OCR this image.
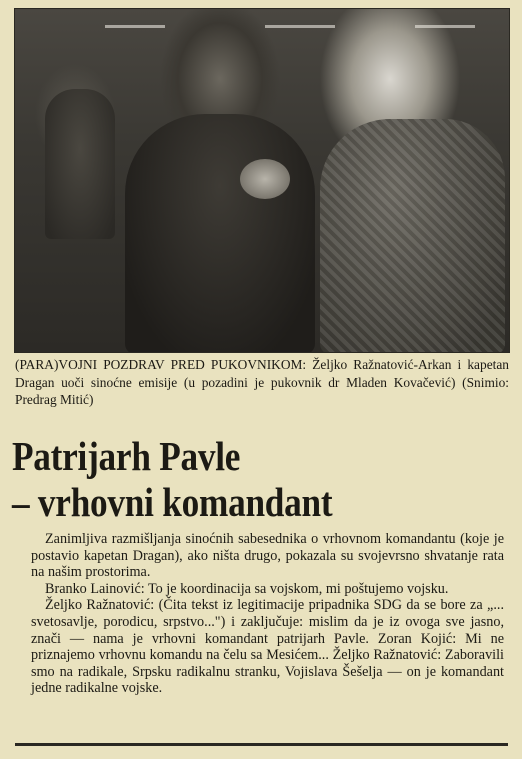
(PARA)VOJNI POZDRAV PRED PUKOVNIKOM: Željko Ražnatović-Arkan i kapetan Dragan uoči sinoćne emisije (u pozadini je pukovnik dr Mladen Kovačević) (Snimio: Predrag Mitić)
Patrijarh Pavle
– vrhovni komandant

Zanimljiva razmišljanja sinoćnih sabesednika o vrhovnom komandantu (koje je postavio kapetan Dragan), ako ništa drugo, pokazala su svojevrsno shvatanje rata na našim prostorima.

Branko Lainović: To je koordinacija sa vojskom, mi poštujemo vojsku.

Željko Ražnatović: (Čita tekst iz legitimacije pripadnika SDG da se bore za „... svetosavlje, porodicu, srpstvo...") i zaključuje: mislim da je iz ovoga sve jasno, znači — nama je vrhovni komandant patrijarh Pavle. Zoran Kojić: Mi ne priznajemo vrhovnu komandu na čelu sa Mesićem... Željko Ražnatović: Zaboravili smo na radikale, Srpsku radikalnu stranku, Vojislava Šešelja — on je komandant jedne radikalne vojske.
